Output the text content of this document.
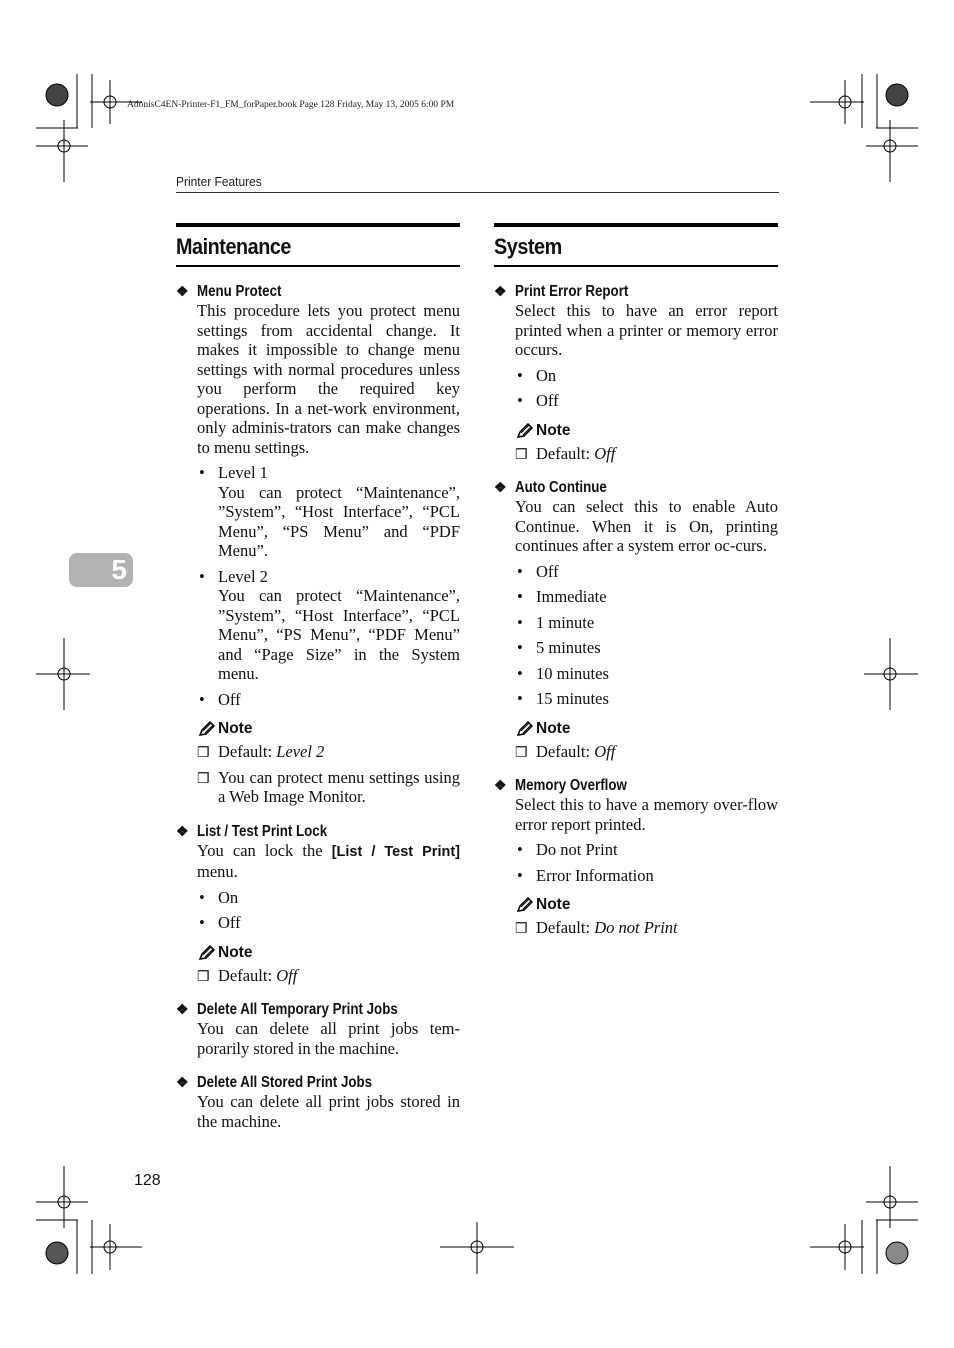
AdonisC4EN-Printer-F1_FM_forPaper.book Page 128 Friday, May 13, 2005 6:00 PM
Printer Features
5
Maintenance
❖ Menu Protect
This procedure lets you protect menu settings from accidental change. It makes it impossible to change menu settings with normal procedures unless you perform the required key operations. In a net-work environment, only adminis-trators can make changes to menu settings.
• Level 1
You can protect “Maintenance”, ”System”, “Host Interface”, “PCL Menu”, “PS Menu” and “PDF Menu”.
• Level 2
You can protect “Maintenance”, ”System”, “Host Interface”, “PCL Menu”, “PS Menu”, “PDF Menu” and “Page Size” in the System menu.
• Off
Note
❒ Default: Level 2
❒ You can protect menu settings using a Web Image Monitor.
❖ List / Test Print Lock
You can lock the [List / Test Print] menu.
• On
• Off
Note
❒ Default: Off
❖ Delete All Temporary Print Jobs
You can delete all print jobs tem-porarily stored in the machine.
❖ Delete All Stored Print Jobs
You can delete all print jobs stored in the machine.
System
❖ Print Error Report
Select this to have an error report printed when a printer or memory error occurs.
• On
• Off
Note
❒ Default: Off
❖ Auto Continue
You can select this to enable Auto Continue. When it is On, printing continues after a system error oc-curs.
• Off
• Immediate
• 1 minute
• 5 minutes
• 10 minutes
• 15 minutes
Note
❒ Default: Off
❖ Memory Overflow
Select this to have a memory over-flow error report printed.
• Do not Print
• Error Information
Note
❒ Default: Do not Print
128
